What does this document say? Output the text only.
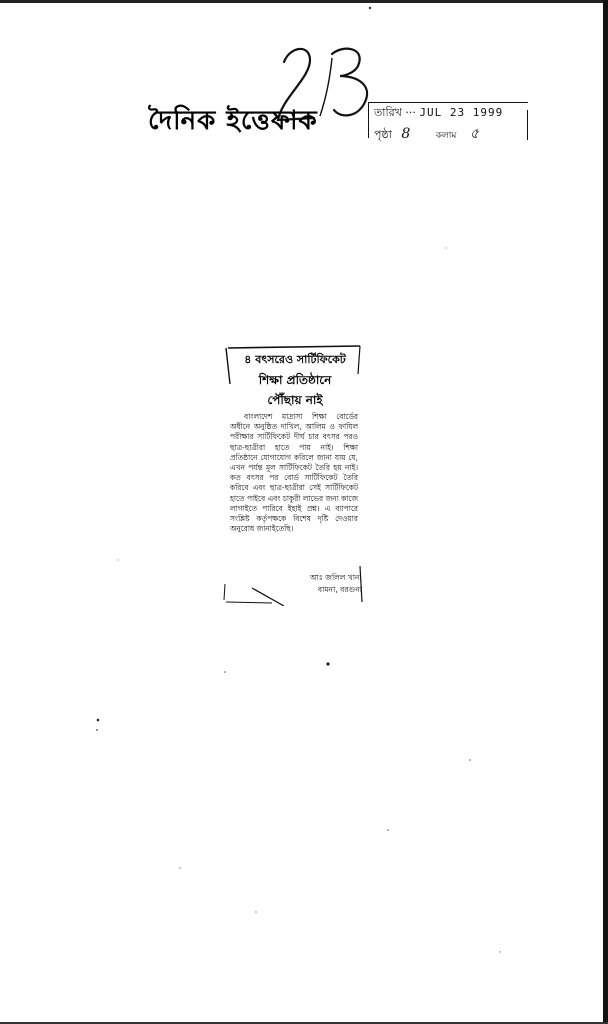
দৈনিক ইত্তেফাক	তারিখ ··· JUL 23 1999
পৃষ্ঠা 8	কলাম ৫
৪ বৎসরেও সার্টিফিকেট
শিক্ষা প্রতিষ্ঠানে
পৌঁছায় নাই

বাংলাদেশ মাদ্রাসা শিক্ষা বোর্ডের অধীনে অনুষ্ঠিত দাখিল, আলিম ও ফাযিল পরীক্ষার সার্টিফিকেট দীর্ঘ চার বৎসর পরও ছাত্র-ছাত্রীরা হাতে পায় নাই। শিক্ষা প্রতিষ্ঠানে যোগাযোগ করিলে জানা যায় যে, এখন পর্যন্ত মূল সার্টিফিকেট তৈরি হয় নাই। কত বৎসর পর বোর্ড সার্টিফিকেট তৈরি করিবে এবং ছাত্র-ছাত্রীরা সেই সার্টিফিকেট হাতে পাইবে এবং চাকুরী লাভের জন্য কাজে লাগাইতে পারিবে ইহাই প্রশ্ন। এ ব্যাপারে সংশ্লিষ্ট কর্তৃপক্ষকে বিশেষ দৃষ্টি দেওয়ার অনুরোধ জানাইতেছি।

আঃ জলিল খান,
বামনা, বরগুনা
